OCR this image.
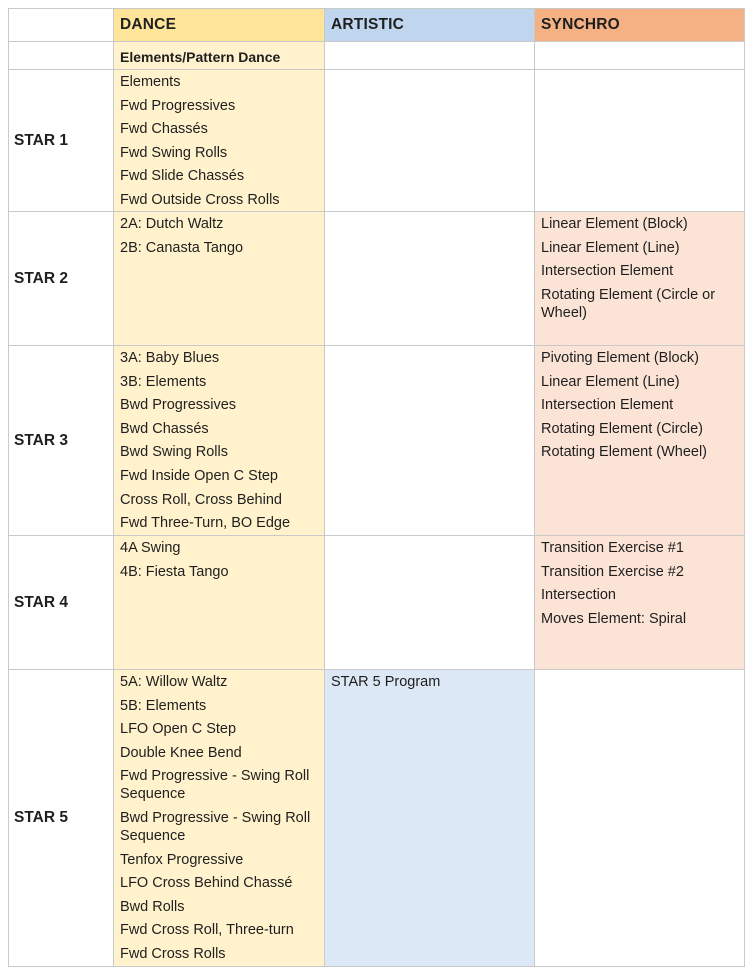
DANCE	ARTISTIC	SYNCHRO
Elements/Pattern Dance
STAR 1
Elements
Fwd Progressives
Fwd Chassés
Fwd Swing Rolls
Fwd Slide Chassés
Fwd Outside Cross Rolls
STAR 2
2A: Dutch Waltz
2B: Canasta Tango
Linear Element (Block)
Linear Element (Line)
Intersection Element
Rotating Element (Circle or Wheel)
STAR 3
3A: Baby Blues
3B: Elements
Bwd Progressives
Bwd Chassés
Bwd Swing Rolls
Fwd Inside Open C Step
Cross Roll, Cross Behind
Fwd Three-Turn, BO Edge
Pivoting Element (Block)
Linear Element (Line)
Intersection Element
Rotating Element (Circle)
Rotating Element (Wheel)
STAR 4
4A Swing
4B: Fiesta Tango
Transition Exercise #1
Transition Exercise #2
Intersection
Moves Element: Spiral
STAR 5
5A: Willow Waltz
5B: Elements
LFO Open C Step
Double Knee Bend
Fwd Progressive - Swing Roll Sequence
Bwd Progressive - Swing Roll Sequence
Tenfox Progressive
LFO Cross Behind Chassé
Bwd Rolls
Fwd Cross Roll, Three-turn
Fwd Cross Rolls
STAR 5 Program
